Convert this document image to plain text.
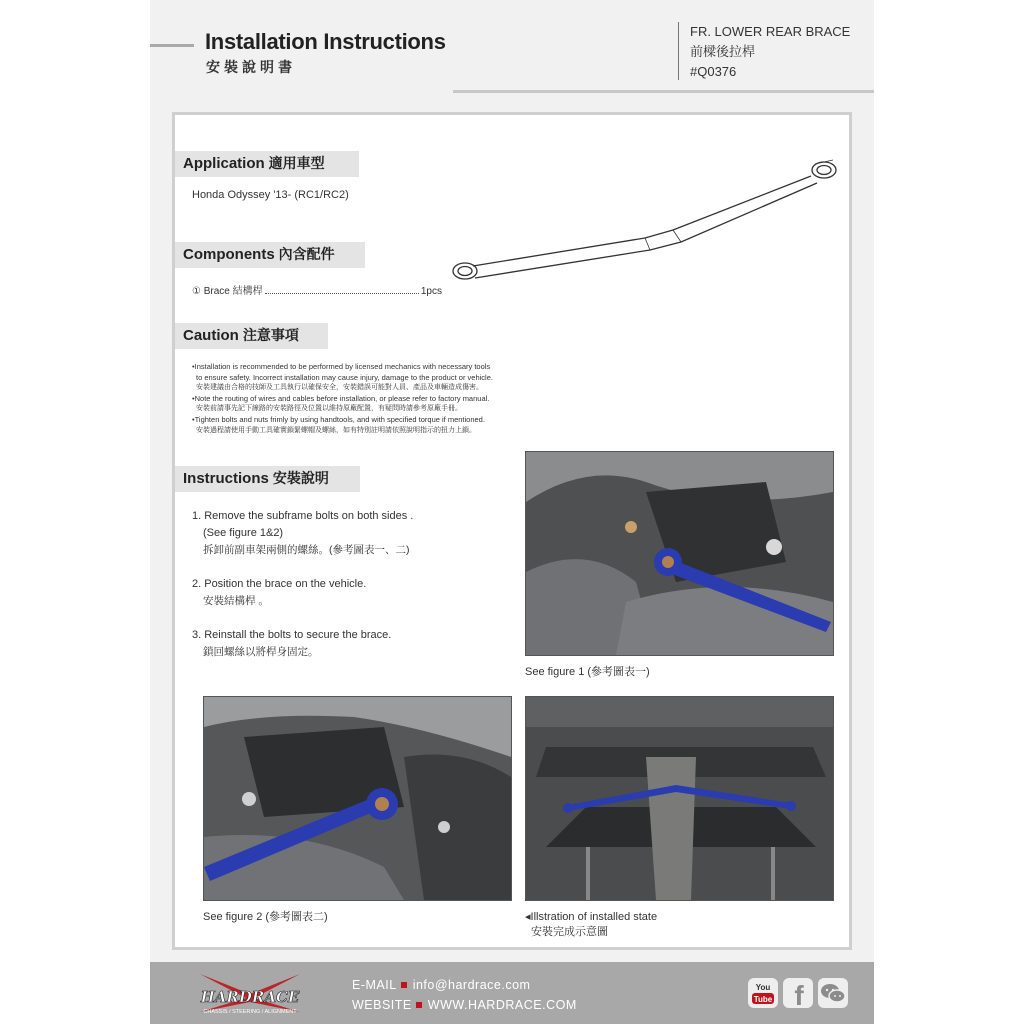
Installation Instructions
安裝說明書
FR. LOWER REAR BRACE
前樑後拉桿
#Q0376
Application 適用車型
Honda Odyssey '13- (RC1/RC2)
Components 內含配件
① Brace 結構桿	1pcs
Caution 注意事項
•Installation is recommended to be performed by licensed mechanics with necessary tools
to ensure safety. Incorrect installation may cause injury, damage to the product or vehicle.
安裝建議由合格的技師及工具執行以確保安全，安裝錯誤可能對人員、產品及車輛造成傷害。
•Note the routing of wires and cables before installation, or please refer to factory manual.
安裝前請事先記下線路的安裝路徑及位置以維持原廠配置，有疑問時請參考原廠手冊。
•Tighten bolts and nuts frimly by using handtools, and with specified torque if mentioned.
安裝過程請使用手動工具確實鎖緊螺帽及螺絲，如有特別註明請依照說明指示的扭力上鎖。
Instructions 安裝說明
1. Remove the subframe bolts on both sides .
(See figure 1&2)
拆卸前副車架兩側的螺絲。(參考圖表一、二)
2. Position the brace on the vehicle.
安裝結構桿 。
3. Reinstall the bolts to secure the brace.
鎖回螺絲以將桿身固定。
See figure 1 (參考圖表一)
See figure 2 (參考圖表二)	◂Illstration of installed state
安裝完成示意圖
HARDRACE
CHASSIS / STEERING / ALIGNMENT
E-MAIL info@hardrace.com
WEBSITE WWW.HARDRACE.COM
You
Tube f
